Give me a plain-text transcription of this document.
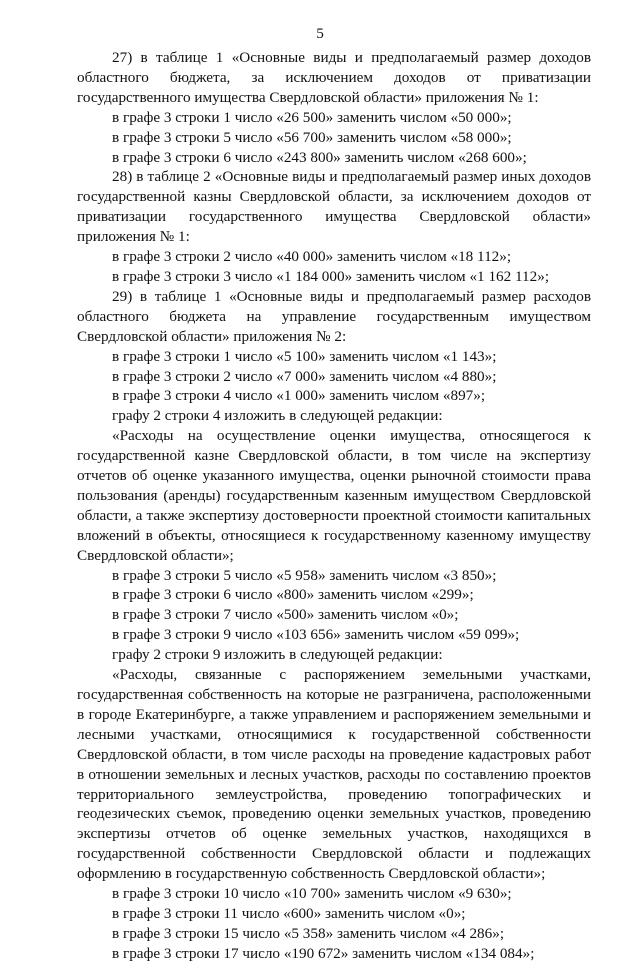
5

27) в таблице 1 «Основные виды и предполагаемый размер доходов областного бюджета, за исключением доходов от приватизации государственного имущества Свердловской области» приложения № 1:

в графе 3 строки 1 число «26 500» заменить числом «50 000»;

в графе 3 строки 5 число «56 700» заменить числом «58 000»;

в графе 3 строки 6 число «243 800» заменить числом «268 600»;

28) в таблице 2 «Основные виды и предполагаемый размер иных доходов государственной казны Свердловской области, за исключением доходов от приватизации государственного имущества Свердловской области» приложения № 1:

в графе 3 строки 2 число «40 000» заменить числом «18 112»;

в графе 3 строки 3 число «1 184 000» заменить числом «1 162 112»;

29) в таблице 1 «Основные виды и предполагаемый размер расходов областного бюджета на управление государственным имуществом Свердловской области» приложения № 2:

в графе 3 строки 1 число «5 100» заменить числом «1 143»;

в графе 3 строки 2 число «7 000» заменить числом «4 880»;

в графе 3 строки 4 число «1 000» заменить числом «897»;

графу 2 строки 4 изложить в следующей редакции:

«Расходы на осуществление оценки имущества, относящегося к государственной казне Свердловской области, в том числе на экспертизу отчетов об оценке указанного имущества, оценки рыночной стоимости права пользования (аренды) государственным казенным имуществом Свердловской области, а также экспертизу достоверности проектной стоимости капитальных вложений в объекты, относящиеся к государственному казенному имуществу Свердловской области»;

в графе 3 строки 5 число «5 958» заменить числом «3 850»;

в графе 3 строки 6 число «800» заменить числом «299»;

в графе 3 строки 7 число «500» заменить числом «0»;

в графе 3 строки 9 число «103 656» заменить числом «59 099»;

графу 2 строки 9 изложить в следующей редакции:

«Расходы, связанные с распоряжением земельными участками, государственная собственность на которые не разграничена, расположенными в городе Екатеринбурге, а также управлением и распоряжением земельными и лесными участками, относящимися к государственной собственности Свердловской области, в том числе расходы на проведение кадастровых работ в отношении земельных и лесных участков, расходы по составлению проектов территориального землеустройства, проведению топографических и геодезических съемок, проведению оценки земельных участков, проведению экспертизы отчетов об оценке земельных участков, находящихся в государственной собственности Свердловской области и подлежащих оформлению в государственную собственность Свердловской области»;

в графе 3 строки 10 число «10 700» заменить числом «9 630»;

в графе 3 строки 11 число «600» заменить числом «0»;

в графе 3 строки 15 число «5 358» заменить числом «4 286»;

в графе 3 строки 17 число «190 672» заменить числом «134 084»;
